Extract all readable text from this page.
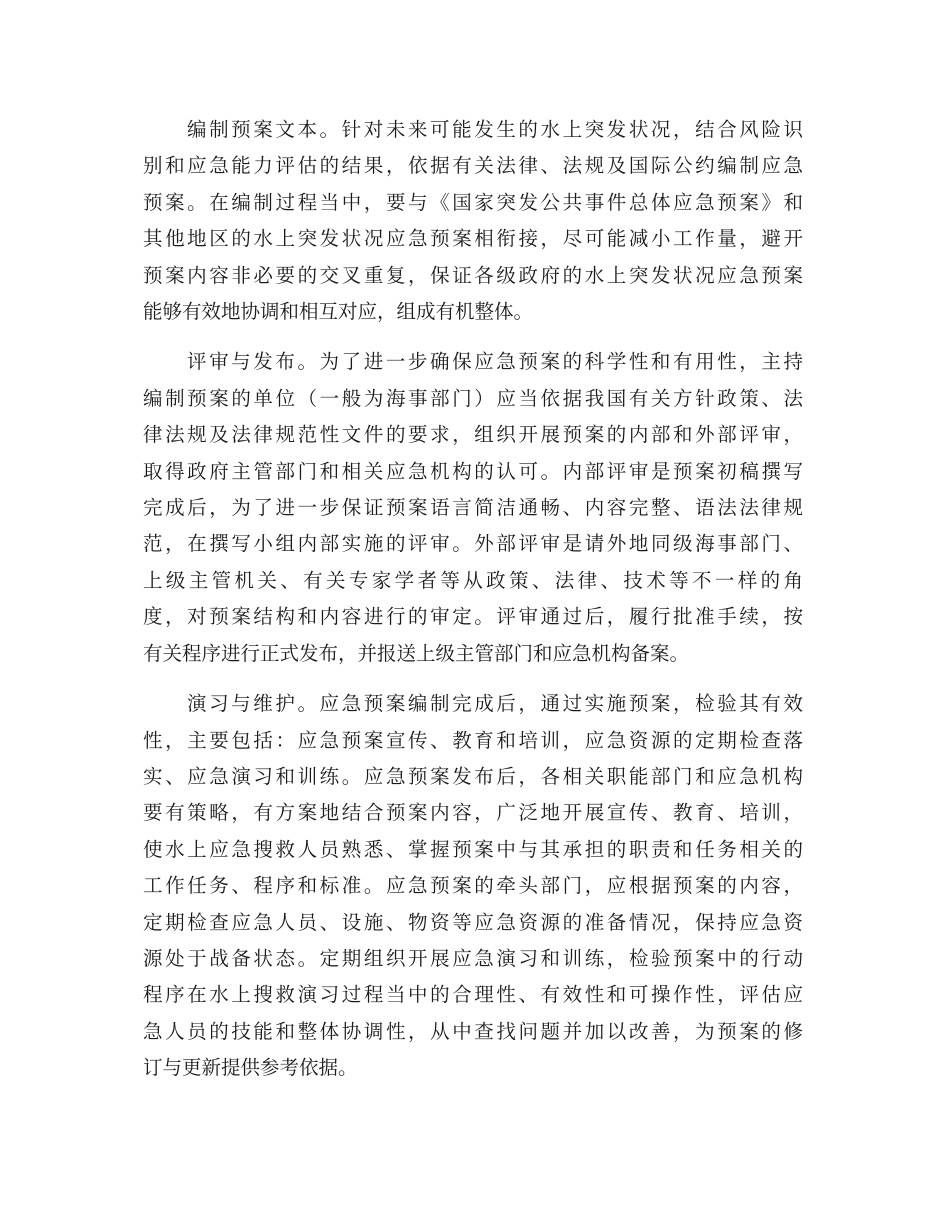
编制预案文本。针对未来可能发生的水上突发状况，结合风险识
别和应急能力评估的结果，依据有关法律、法规及国际公约编制应急
预案。在编制过程当中，要与《国家突发公共事件总体应急预案》和
其他地区的水上突发状况应急预案相衔接，尽可能减小工作量，避开
预案内容非必要的交叉重复，保证各级政府的水上突发状况应急预案
能够有效地协调和相互对应，组成有机整体。

评审与发布。为了进一步确保应急预案的科学性和有用性，主持
编制预案的单位（一般为海事部门）应当依据我国有关方针政策、法
律法规及法律规范性文件的要求，组织开展预案的内部和外部评审，
取得政府主管部门和相关应急机构的认可。内部评审是预案初稿撰写
完成后，为了进一步保证预案语言简洁通畅、内容完整、语法法律规
范，在撰写小组内部实施的评审。外部评审是请外地同级海事部门、
上级主管机关、有关专家学者等从政策、法律、技术等不一样的角
度，对预案结构和内容进行的审定。评审通过后，履行批准手续，按
有关程序进行正式发布，并报送上级主管部门和应急机构备案。

演习与维护。应急预案编制完成后，通过实施预案，检验其有效
性，主要包括：应急预案宣传、教育和培训，应急资源的定期检查落
实、应急演习和训练。应急预案发布后，各相关职能部门和应急机构
要有策略，有方案地结合预案内容，广泛地开展宣传、教育、培训，
使水上应急搜救人员熟悉、掌握预案中与其承担的职责和任务相关的
工作任务、程序和标准。应急预案的牵头部门，应根据预案的内容，
定期检查应急人员、设施、物资等应急资源的准备情况，保持应急资
源处于战备状态。定期组织开展应急演习和训练，检验预案中的行动
程序在水上搜救演习过程当中的合理性、有效性和可操作性，评估应
急人员的技能和整体协调性，从中查找问题并加以改善，为预案的修
订与更新提供参考依据。
